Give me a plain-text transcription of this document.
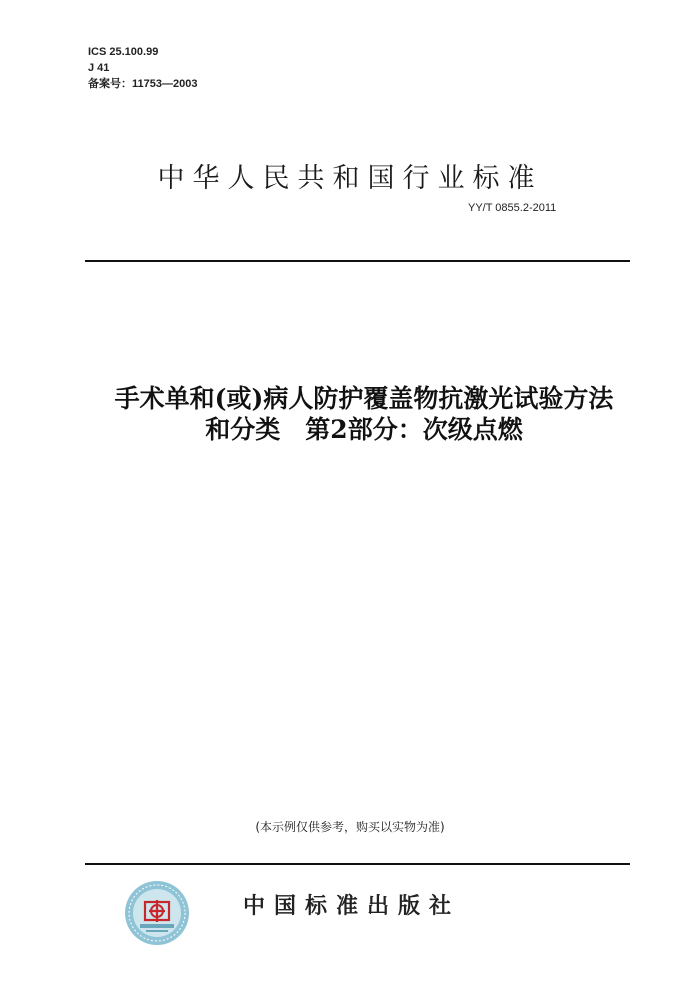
ICS 25.100.99
J 41
备案号：11753—2003
中华人民共和国行业标准
YY/T 0855.2-2011
手术单和(或)病人防护覆盖物抗激光试验方法
和分类　第2部分：次级点燃
(本示例仅供参考，购买以实物为准)
中国标准出版社
